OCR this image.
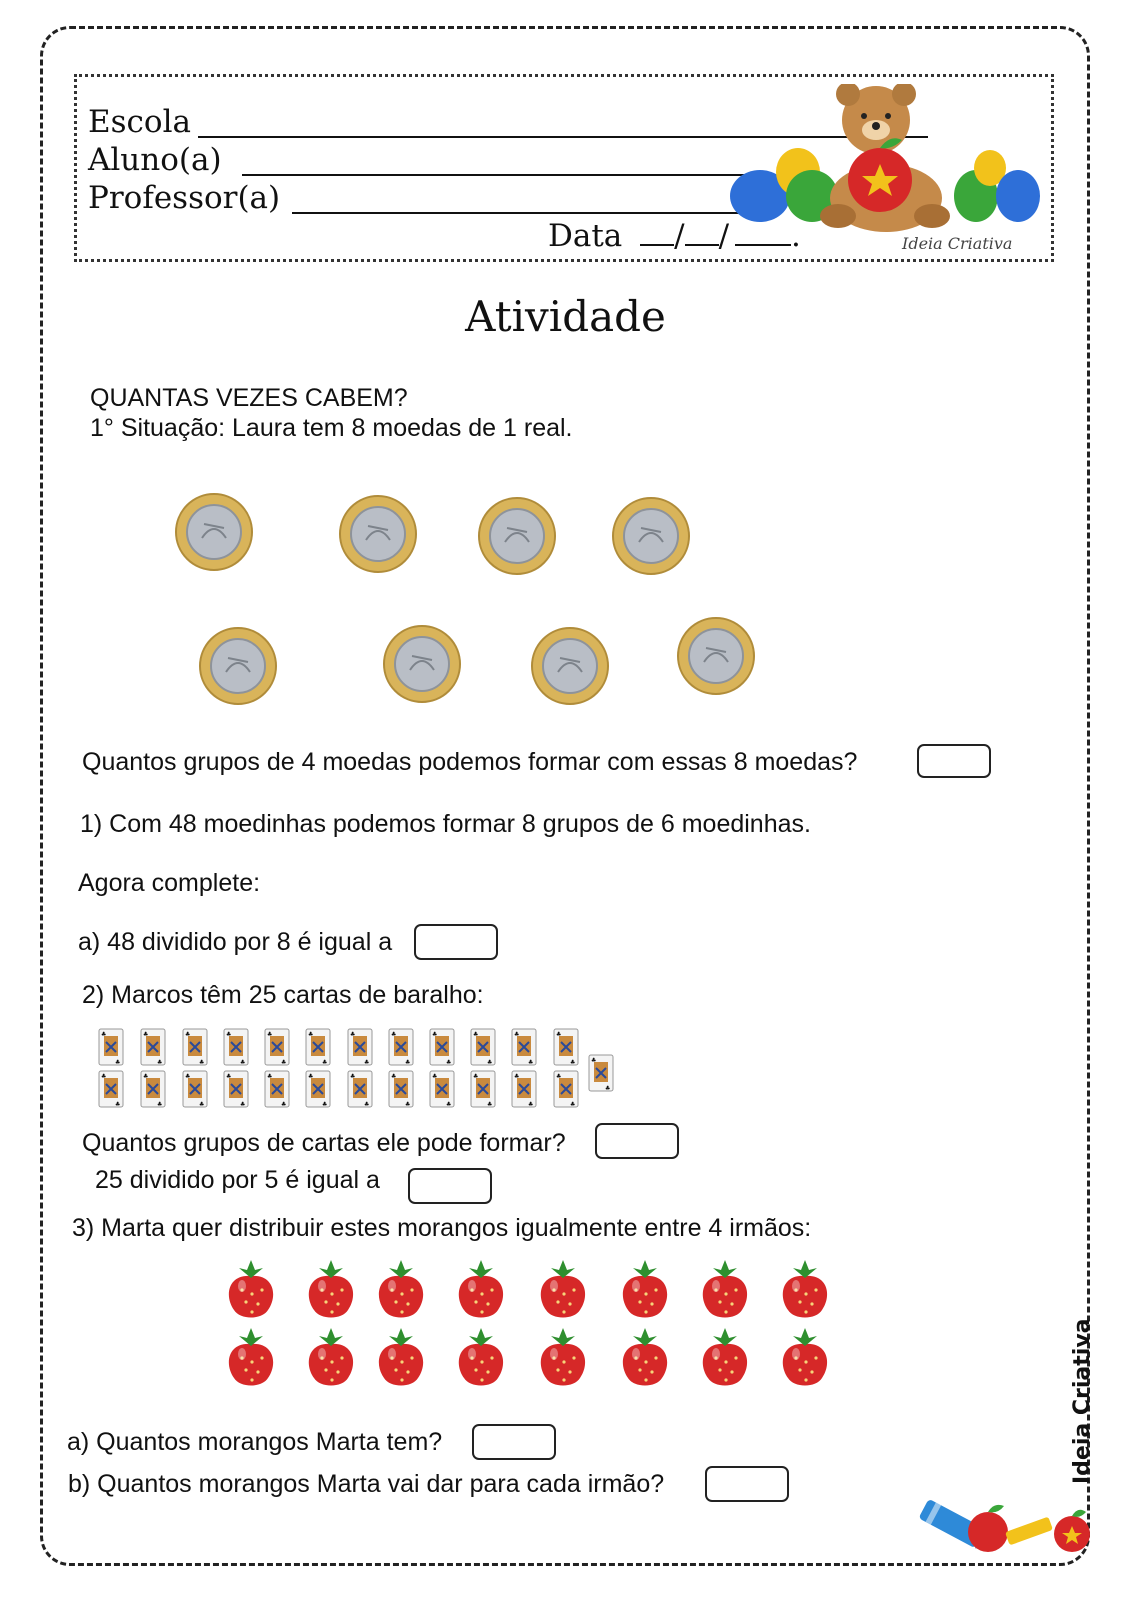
Escola
Aluno(a)
Professor(a)
Data / / .	Ideia Criativa
Atividade
QUANTAS VEZES CABEM?
1° Situação: Laura tem 8 moedas de 1 real.
Quantos grupos de 4 moedas podemos formar com essas 8 moedas?
1) Com 48 moedinhas podemos formar 8 grupos de 6 moedinhas.
Agora complete:
a) 48 dividido por 8 é igual a
2) Marcos têm 25 cartas de baralho:
Quantos grupos de cartas ele pode formar?
25 dividido por 5 é igual a
3) Marta quer distribuir estes morangos igualmente entre 4 irmãos:
a) Quantos morangos Marta tem?
b) Quantos morangos Marta vai dar para cada irmão?	Ideia Criativa
